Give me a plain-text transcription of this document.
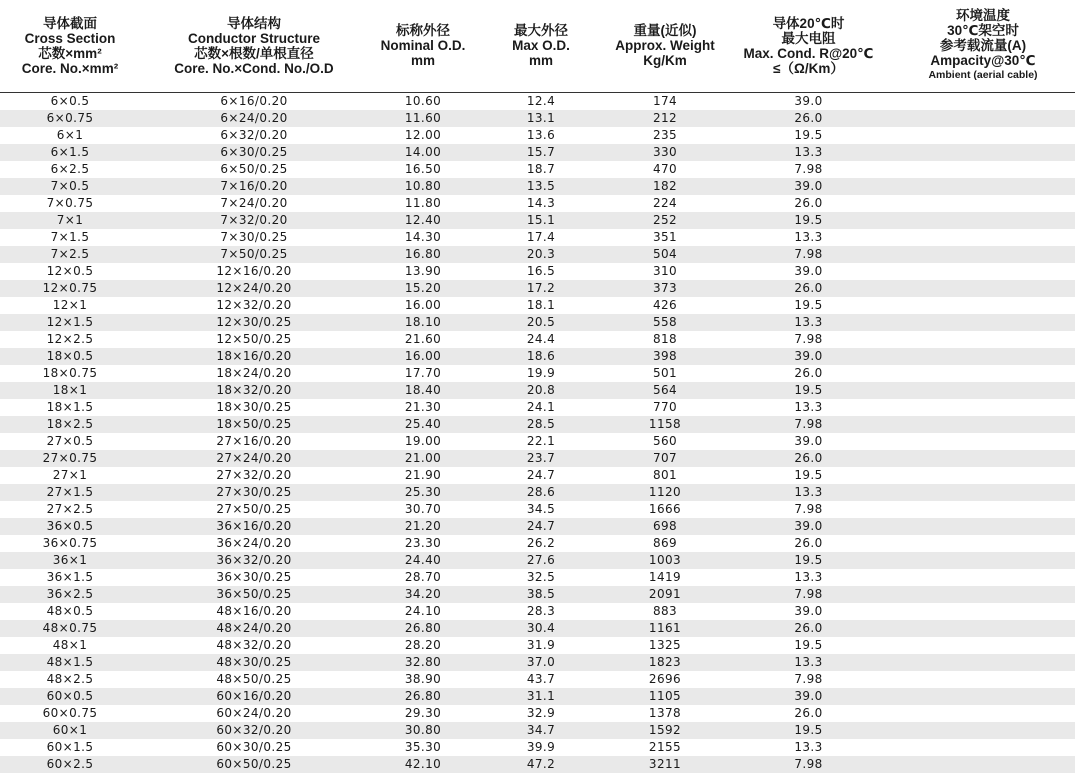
导体截面
Cross Section
芯数×mm²
Core. No.×mm²	导体结构
Conductor Structure
芯数×根数/单根直径
Core. No.×Cond. No./O.D	标称外径
Nominal O.D.
mm	最大外径
Max O.D.
mm	重量(近似)
Approx. Weight
Kg/Km	导体20℃时
最大电阻
Max. Cond. R@20℃
≤（Ω/Km）	环境温度
30℃架空时
参考载流量(A)
Ampacity@30℃
Ambient (aerial cable)

6×0.5	6×16/0.20	10.60	12.4	174	39.0	
6×0.75	6×24/0.20	11.60	13.1	212	26.0	
6×1	6×32/0.20	12.00	13.6	235	19.5	
6×1.5	6×30/0.25	14.00	15.7	330	13.3	
6×2.5	6×50/0.25	16.50	18.7	470	7.98	
7×0.5	7×16/0.20	10.80	13.5	182	39.0	
7×0.75	7×24/0.20	11.80	14.3	224	26.0	
7×1	7×32/0.20	12.40	15.1	252	19.5	
7×1.5	7×30/0.25	14.30	17.4	351	13.3	
7×2.5	7×50/0.25	16.80	20.3	504	7.98	
12×0.5	12×16/0.20	13.90	16.5	310	39.0	
12×0.75	12×24/0.20	15.20	17.2	373	26.0	
12×1	12×32/0.20	16.00	18.1	426	19.5	
12×1.5	12×30/0.25	18.10	20.5	558	13.3	
12×2.5	12×50/0.25	21.60	24.4	818	7.98	
18×0.5	18×16/0.20	16.00	18.6	398	39.0	
18×0.75	18×24/0.20	17.70	19.9	501	26.0	
18×1	18×32/0.20	18.40	20.8	564	19.5	
18×1.5	18×30/0.25	21.30	24.1	770	13.3	
18×2.5	18×50/0.25	25.40	28.5	1158	7.98	
27×0.5	27×16/0.20	19.00	22.1	560	39.0	
27×0.75	27×24/0.20	21.00	23.7	707	26.0	
27×1	27×32/0.20	21.90	24.7	801	19.5	
27×1.5	27×30/0.25	25.30	28.6	1120	13.3	
27×2.5	27×50/0.25	30.70	34.5	1666	7.98	
36×0.5	36×16/0.20	21.20	24.7	698	39.0	
36×0.75	36×24/0.20	23.30	26.2	869	26.0	
36×1	36×32/0.20	24.40	27.6	1003	19.5	
36×1.5	36×30/0.25	28.70	32.5	1419	13.3	
36×2.5	36×50/0.25	34.20	38.5	2091	7.98	
48×0.5	48×16/0.20	24.10	28.3	883	39.0	
48×0.75	48×24/0.20	26.80	30.4	1161	26.0	
48×1	48×32/0.20	28.20	31.9	1325	19.5	
48×1.5	48×30/0.25	32.80	37.0	1823	13.3	
48×2.5	48×50/0.25	38.90	43.7	2696	7.98	
60×0.5	60×16/0.20	26.80	31.1	1105	39.0	
60×0.75	60×24/0.20	29.30	32.9	1378	26.0	
60×1	60×32/0.20	30.80	34.7	1592	19.5	
60×1.5	60×30/0.25	35.30	39.9	2155	13.3	
60×2.5	60×50/0.25	42.10	47.2	3211	7.98	
